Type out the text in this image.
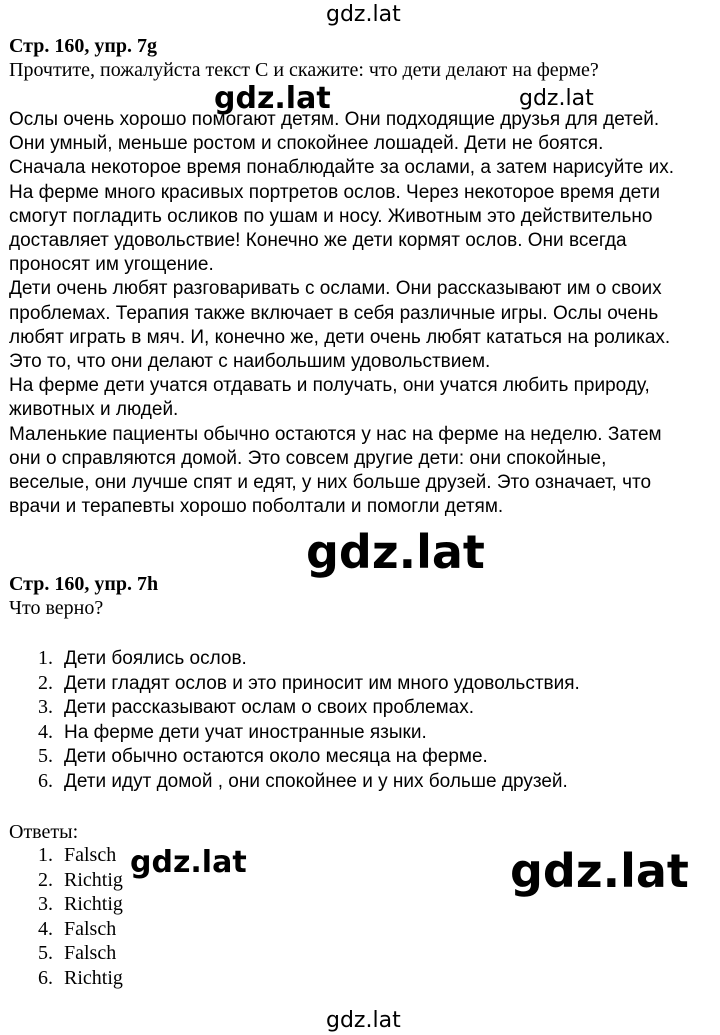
gdz.lat
gdz.lat	gdz.lat
gdz.lat
gdz.lat	gdz.lat
gdz.lat
Стр. 160, упр. 7g
Прочтите, пожалуйста текст С и скажите: что дети делают на ферме?
Ослы очень хорошо помогают детям. Они подходящие друзья для детей.
Они умный, меньше ростом и спокойнее лошадей. Дети не боятся.
Сначала некоторое время понаблюдайте за ослами, а затем нарисуйте их.
На ферме много красивых портретов ослов. Через некоторое время дети
смогут погладить осликов по ушам и носу. Животным это действительно
доставляет удовольствие! Конечно же дети кормят ослов. Они всегда
проносят им угощение.
Дети очень любят разговаривать с ослами. Они рассказывают им о своих
проблемах. Терапия также включает в себя различные игры. Ослы очень
любят играть в мяч. И, конечно же, дети очень любят кататься на роликах.
Это то, что они делают с наибольшим удовольствием.
На ферме дети учатся отдавать и получать, они учатся любить природу,
животных и людей.
Маленькие пациенты обычно остаются у нас на ферме на неделю. Затем
они о справляются домой. Это совсем другие дети: они спокойные,
веселые, они лучше спят и едят, у них больше друзей. Это означает, что
врачи и терапевты хорошо поболтали и помогли детям.
Стр. 160, упр. 7h
Что верно?
1. Дети боялись ослов.
2. Дети гладят ослов и это приносит им много удовольствия.
3. Дети рассказывают ослам о своих проблемах.
4. На ферме дети учат иностранные языки.
5. Дети обычно остаются около месяца на ферме.
6. Дети идут домой , они спокойнее и у них больше друзей.
Ответы:
1. Falsch
2. Richtig
3. Richtig
4. Falsch
5. Falsch
6. Richtig
